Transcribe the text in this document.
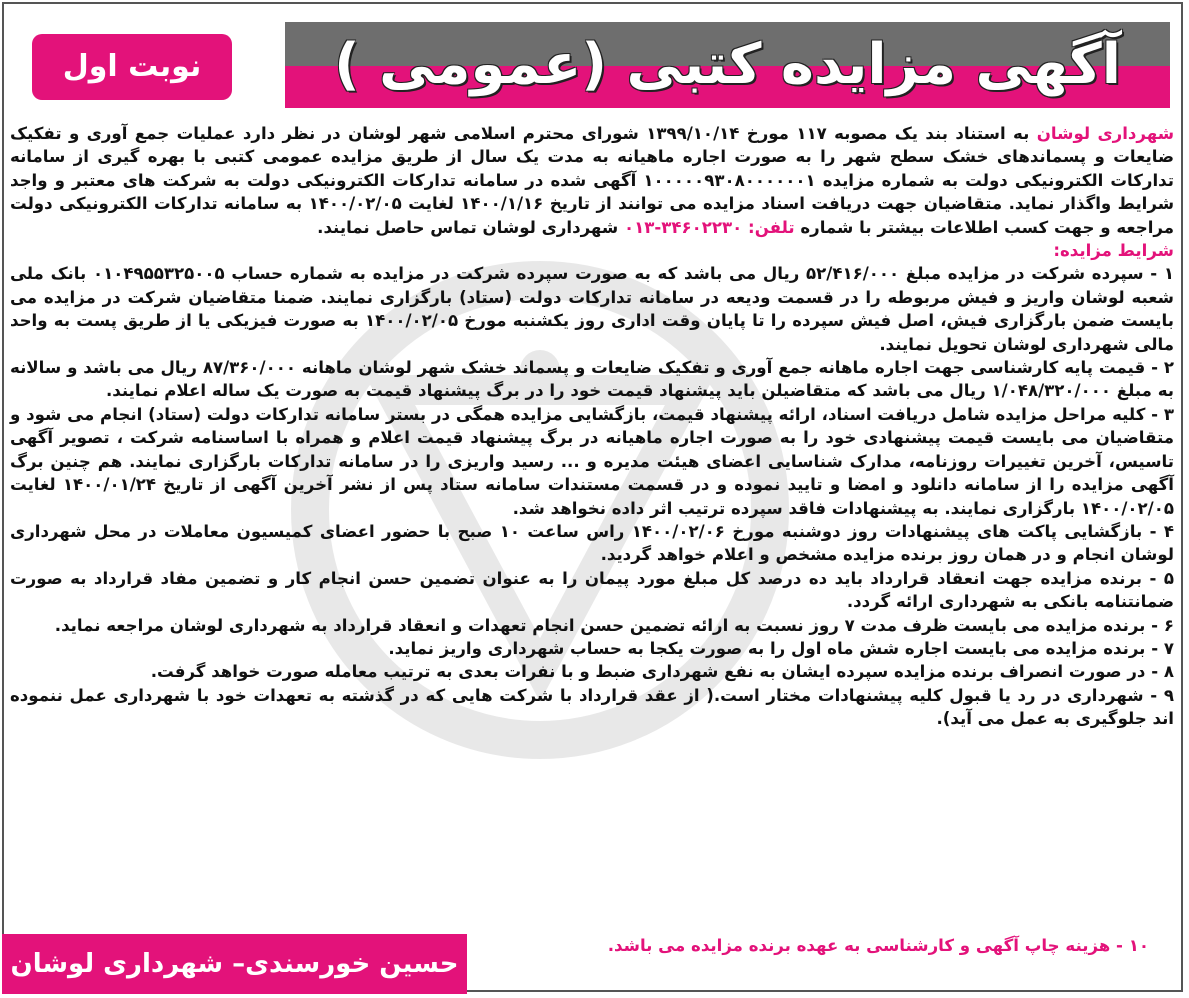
آگهی مزایده کتبی (عمومی )
نوبت اول

شهرداری لوشان به استناد بند یک مصوبه ۱۱۷ مورخ ۱۳۹۹/۱۰/۱۴ شورای محترم اسلامی شهر لوشان در نظر دارد عملیات جمع آوری و تفکیک ضایعات و پسماندهای خشک سطح شهر را به صورت اجاره ماهیانه به مدت یک سال از طریق مزایده عمومی کتبی با بهره گیری از سامانه تدارکات الکترونیکی دولت به شماره مزایده ۱۰۰۰۰۰۹۳۰۸۰۰۰۰۰۰۱ آگهی شده در سامانه تدارکات الکترونیکی دولت به شرکت های معتبر و واجد شرایط واگذار نماید. متقاضیان جهت دریافت اسناد مزایده می توانند از تاریخ ۱۴۰۰/۱/۱۶ لغایت ۱۴۰۰/۰۲/۰۵ به سامانه تدارکات الکترونیکی دولت مراجعه و جهت کسب اطلاعات بیشتر با شماره تلفن: ۳۴۶۰۲۲۳۰-۰۱۳ شهرداری لوشان تماس حاصل نمایند.

شرایط مزایده:

۱ - سپرده شرکت در مزایده مبلغ ۵۲/۴۱۶/۰۰۰ ریال می باشد که به صورت سپرده شرکت در مزایده به شماره حساب ۰۱۰۴۹۵۵۳۲۵۰۰۵ بانک ملی شعبه لوشان واریز و فیش مربوطه را در قسمت ودیعه در سامانه تدارکات دولت (ستاد) بارگزاری نمایند. ضمنا متقاضیان شرکت در مزایده می بایست ضمن بارگزاری فیش، اصل فیش سپرده را تا پایان وقت اداری روز یکشنبه مورخ ۱۴۰۰/۰۲/۰۵ به صورت فیزیکی یا از طریق پست به واحد مالی شهرداری لوشان تحویل نمایند.

۲ - قیمت پایه کارشناسی جهت اجاره ماهانه جمع آوری و تفکیک ضایعات و پسماند خشک شهر لوشان ماهانه ۸۷/۳۶۰/۰۰۰ ریال می باشد و سالانه به مبلغ ۱/۰۴۸/۳۲۰/۰۰۰ ریال می باشد که متقاضیلن باید پیشنهاد قیمت خود را در برگ پیشنهاد قیمت به صورت یک ساله اعلام نمایند.

۳ - کلیه مراحل مزایده شامل دریافت اسناد، ارائه پیشنهاد قیمت، بازگشایی مزایده همگی در بستر سامانه تدارکات دولت (ستاد) انجام می شود و متقاضیان می بایست قیمت پیشنهادی خود را به صورت اجاره ماهیانه در برگ پیشنهاد قیمت اعلام و همراه با اساسنامه شرکت ، تصویر آگهی تاسیس، آخرین تغییرات روزنامه، مدارک شناسایی اعضای هیئت مدیره و ... رسید واریزی را در سامانه تدارکات بارگزاری نمایند. هم چنین برگ آگهی مزایده را از سامانه دانلود و امضا و تایید نموده و در قسمت مستندات سامانه ستاد پس از نشر آخرین آگهی از تاریخ ۱۴۰۰/۰۱/۲۴ لغایت ۱۴۰۰/۰۲/۰۵ بارگزاری نمایند. به پیشنهادات فاقد سپرده ترتیب اثر داده نخواهد شد.

۴ - بازگشایی پاکت های پیشنهادات روز دوشنبه مورخ ۱۴۰۰/۰۲/۰۶ راس ساعت ۱۰ صبح با حضور اعضای کمیسیون معاملات در محل شهرداری لوشان انجام و در همان روز برنده مزایده مشخص و اعلام خواهد گردید.

۵ - برنده مزایده جهت انعقاد قرارداد باید ده درصد کل مبلغ مورد پیمان را به عنوان تضمین حسن انجام کار و تضمین مفاد قرارداد به صورت ضمانتنامه بانکی به شهرداری ارائه گردد.

۶ - برنده مزایده می بایست ظرف مدت ۷ روز نسبت به ارائه تضمین حسن انجام تعهدات و انعقاد قرارداد به شهرداری لوشان مراجعه نماید.

۷ - برنده مزایده می بایست اجاره شش ماه اول را به صورت یکجا به حساب شهرداری واریز نماید.

۸ - در صورت انصراف برنده مزایده سپرده ایشان به نفع شهرداری ضبط و با نفرات بعدی به ترتیب معامله صورت خواهد گرفت.

۹ - شهرداری در رد یا قبول کلیه پیشنهادات مختار است.( از عقد قرارداد با شرکت هایی که در گذشته به تعهدات خود با شهرداری عمل ننموده اند جلوگیری به عمل می آید).

۱۰ - هزینه چاپ آگهی و کارشناسی به عهده برنده مزایده می باشد.
حسین خورسندی– شهرداری لوشان
